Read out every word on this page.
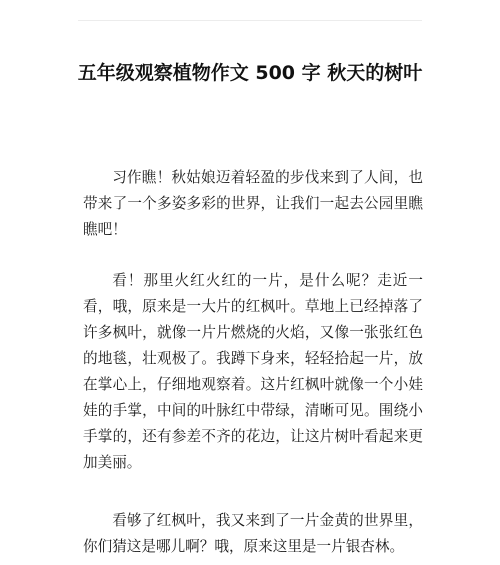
五年级观察植物作文 500 字 秋天的树叶

习作瞧！秋姑娘迈着轻盈的步伐来到了人间，也带来了一个多姿多彩的世界，让我们一起去公园里瞧瞧吧！

看！那里火红火红的一片，是什么呢？走近一看，哦，原来是一大片的红枫叶。草地上已经掉落了许多枫叶，就像一片片燃烧的火焰，又像一张张红色的地毯，壮观极了。我蹲下身来，轻轻拾起一片，放在掌心上，仔细地观察着。这片红枫叶就像一个小娃娃的手掌，中间的叶脉红中带绿，清晰可见。围绕小手掌的，还有参差不齐的花边，让这片树叶看起来更加美丽。

看够了红枫叶，我又来到了一片金黄的世界里，你们猜这是哪儿啊？哦，原来这里是一片银杏林。
